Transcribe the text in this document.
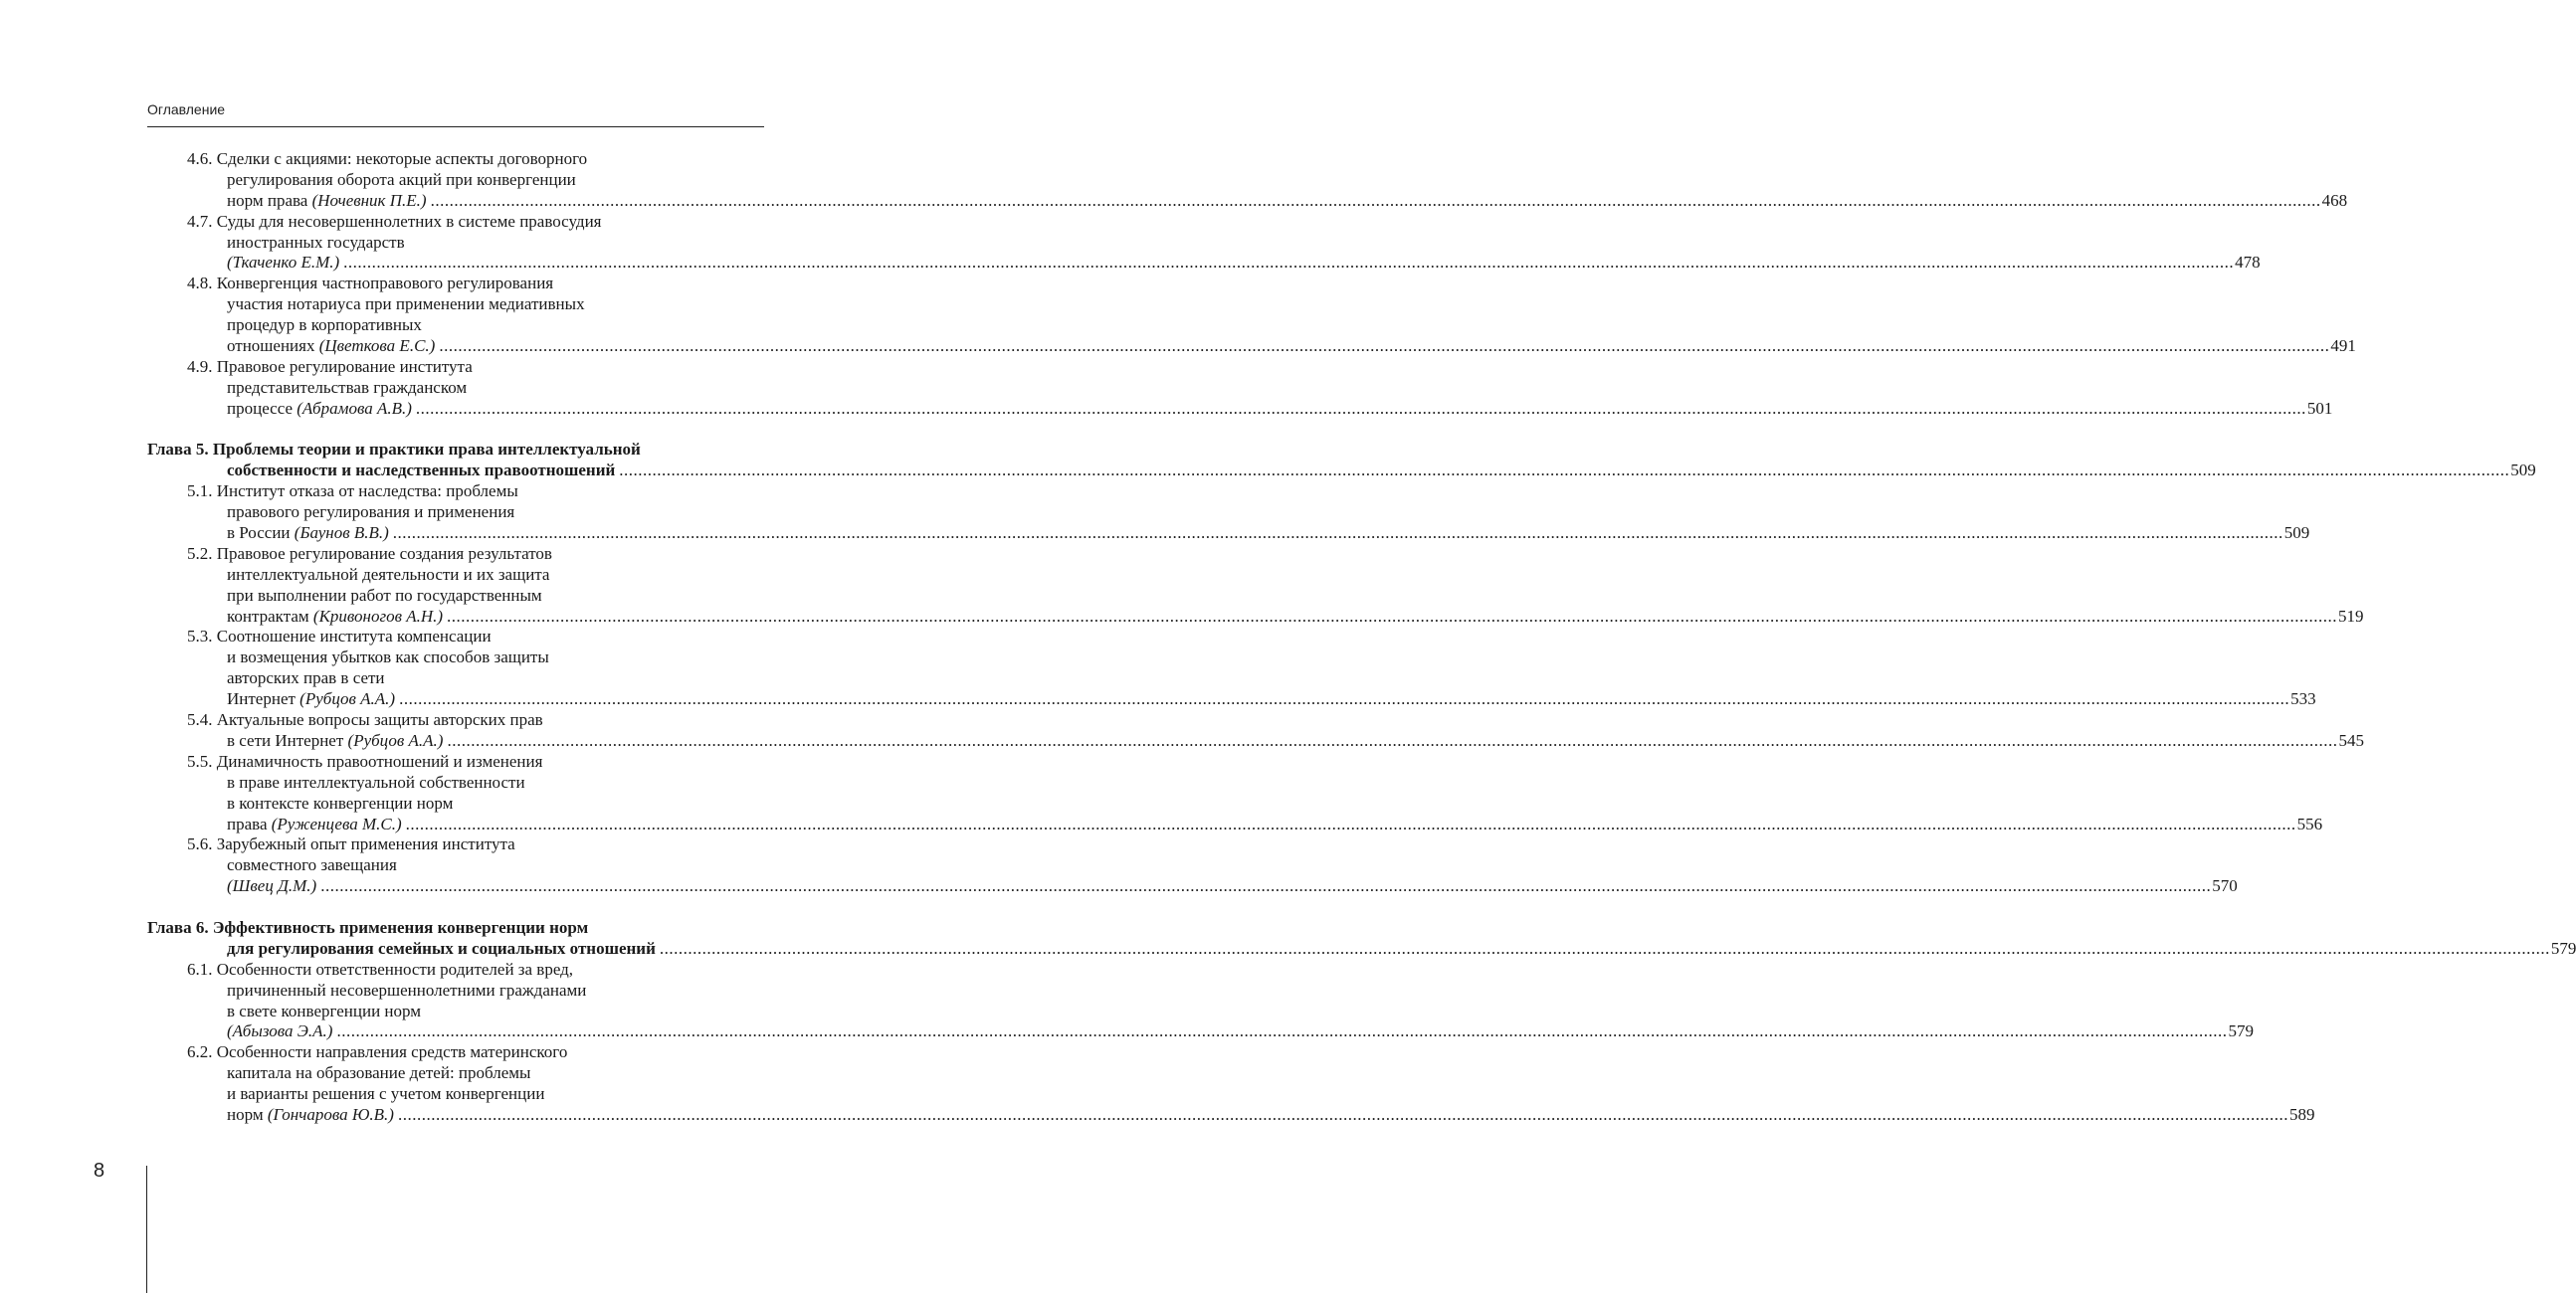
Оглавление
4.6. Сделки с акциями: некоторые аспекты договорного
регулирования оборота акций при конвергенции
норм права (Ночевник П.Е.) ................................................................................................................................................................................................................................................................................................................................................................................................................ 468
4.7. Суды для несовершеннолетних в системе правосудия
иностранных государств
(Ткаченко Е.М.) ................................................................................................................................................................................................................................................................................................................................................................................................................ 478
4.8. Конвергенция частноправового регулирования
участия нотариуса при применении медиативных
процедур в корпоративных
отношениях (Цветкова Е.С.) ................................................................................................................................................................................................................................................................................................................................................................................................................ 491
4.9. Правовое регулирование института
представительствав гражданском
процессе (Абрамова А.В.) ................................................................................................................................................................................................................................................................................................................................................................................................................ 501
Глава 5. Проблемы теории и практики права интеллектуальной
собственности и наследственных правоотношений ................................................................................................................................................................................................................................................................................................................................................................................................................ 509
5.1. Институт отказа от наследства: проблемы
правового регулирования и применения
в России (Баунов В.В.) ................................................................................................................................................................................................................................................................................................................................................................................................................ 509
5.2. Правовое регулирование создания результатов
интеллектуальной деятельности и их защита
при выполнении работ по государственным
контрактам (Кривоногов А.Н.) ................................................................................................................................................................................................................................................................................................................................................................................................................ 519
5.3. Соотношение института компенсации
и возмещения убытков как способов защиты
авторских прав в сети
Интернет (Рубцов А.А.) ................................................................................................................................................................................................................................................................................................................................................................................................................ 533
5.4. Актуальные вопросы защиты авторских прав
в сети Интернет (Рубцов А.А.) ................................................................................................................................................................................................................................................................................................................................................................................................................ 545
5.5. Динамичность правоотношений и изменения
в праве интеллектуальной собственности
в контексте конвергенции норм
права (Руженцева М.С.) ................................................................................................................................................................................................................................................................................................................................................................................................................ 556
5.6. Зарубежный опыт применения института
совместного завещания
(Швец Д.М.) ................................................................................................................................................................................................................................................................................................................................................................................................................ 570
Глава 6. Эффективность применения конвергенции норм
для регулирования семейных и социальных отношений ................................................................................................................................................................................................................................................................................................................................................................................................................ 579
6.1. Особенности ответственности родителей за вред,
причиненный несовершеннолетними гражданами
в свете конвергенции норм
(Абызова Э.А.) ................................................................................................................................................................................................................................................................................................................................................................................................................ 579
6.2. Особенности направления средств материнского
капитала на образование детей: проблемы
и варианты решения с учетом конвергенции
норм (Гончарова Ю.В.) ................................................................................................................................................................................................................................................................................................................................................................................................................ 589
8
